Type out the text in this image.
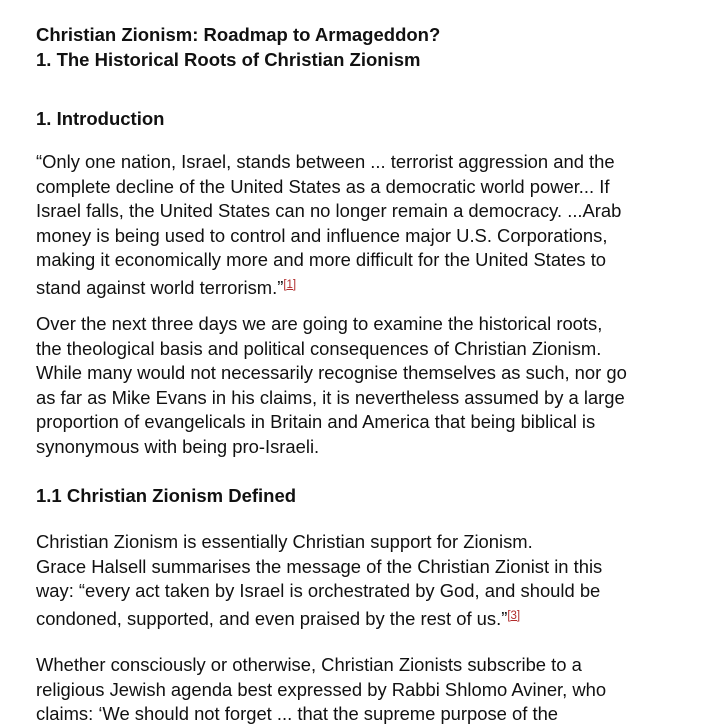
Christian Zionism: Roadmap to Armageddon?
1. The Historical Roots of Christian Zionism
1. Introduction

“Only one nation, Israel, stands between ... terrorist aggression and the
complete decline of the United States as a democratic world power... If
Israel falls, the United States can no longer remain a democracy. ...Arab
money is being used to control and influence major U.S. Corporations,
making it economically more and more difficult for the United States to
stand against world terrorism.”[1]

Over the next three days we are going to examine the historical roots,
the theological basis and political consequences of Christian Zionism.
While many would not necessarily recognise themselves as such, nor go
as far as Mike Evans in his claims, it is nevertheless assumed by a large
proportion of evangelicals in Britain and America that being biblical is
synonymous with being pro-Israeli.

1.1 Christian Zionism Defined

Christian Zionism is essentially Christian support for Zionism.
Grace Halsell summarises the message of the Christian Zionist in this
way: “every act taken by Israel is orchestrated by God, and should be
condoned, supported, and even praised by the rest of us.”[3]

Whether consciously or otherwise, Christian Zionists subscribe to a
religious Jewish agenda best expressed by Rabbi Shlomo Aviner, who
claims: ‘We should not forget ... that the supreme purpose of the
